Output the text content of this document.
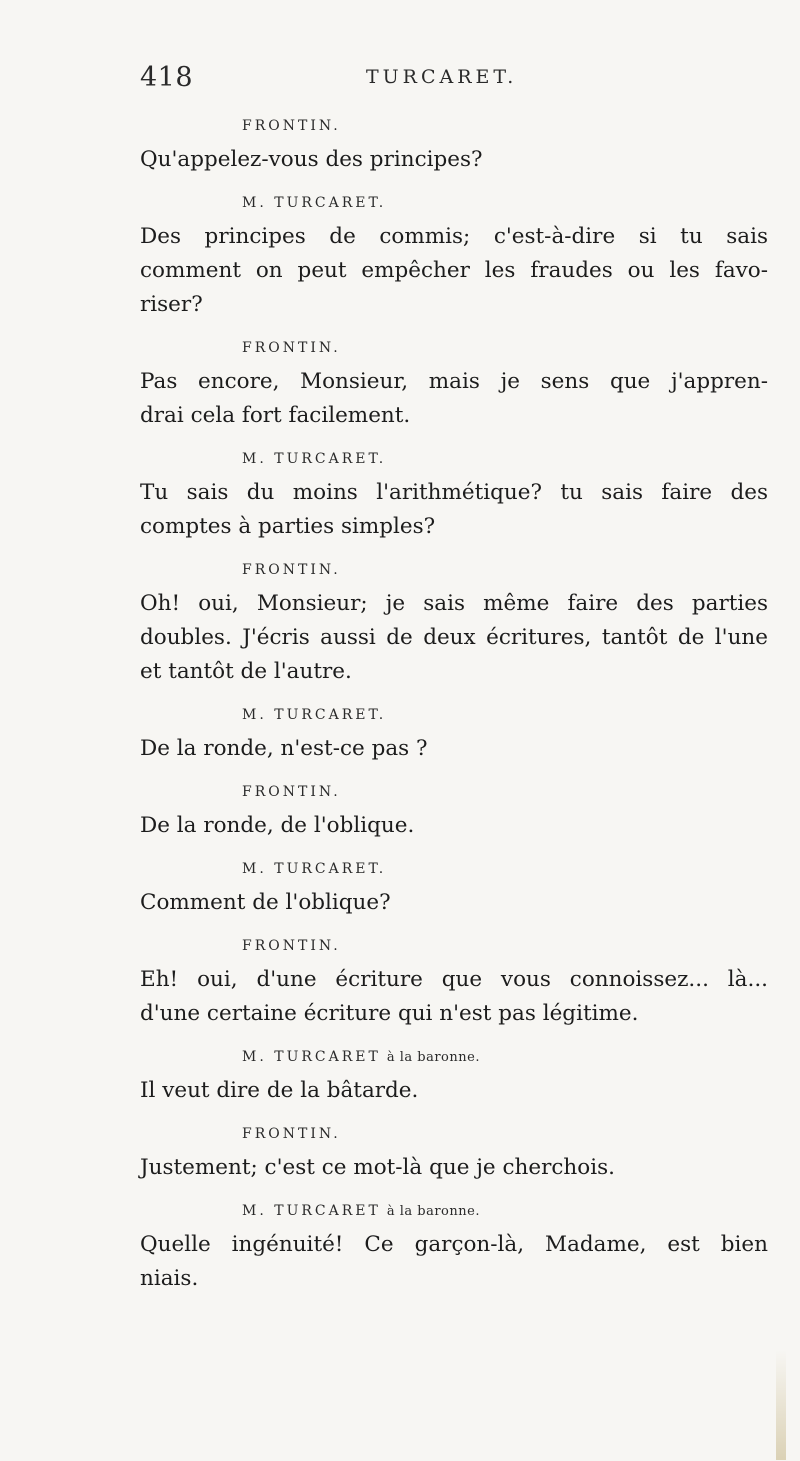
418	TURCARET.
FRONTIN.

Qu'appelez-vous des principes?

M. TURCARET.

Des principes de commis; c'est-à-dire si tu sais
comment on peut empêcher les fraudes ou les favo-
riser?

FRONTIN.

Pas encore, Monsieur, mais je sens que j'appren-
drai cela fort facilement.

M. TURCARET.

Tu sais du moins l'arithmétique? tu sais faire des
comptes à parties simples?

FRONTIN.

Oh! oui, Monsieur; je sais même faire des parties
doubles. J'écris aussi de deux écritures, tantôt de l'une
et tantôt de l'autre.

M. TURCARET.

De la ronde, n'est-ce pas ?

FRONTIN.

De la ronde, de l'oblique.

M. TURCARET.

Comment de l'oblique?

FRONTIN.

Eh! oui, d'une écriture que vous connoissez... là...
d'une certaine écriture qui n'est pas légitime.

M. TURCARET à la baronne.

Il veut dire de la bâtarde.

FRONTIN.

Justement; c'est ce mot-là que je cherchois.

M. TURCARET à la baronne.

Quelle ingénuité! Ce garçon-là, Madame, est bien
niais.
